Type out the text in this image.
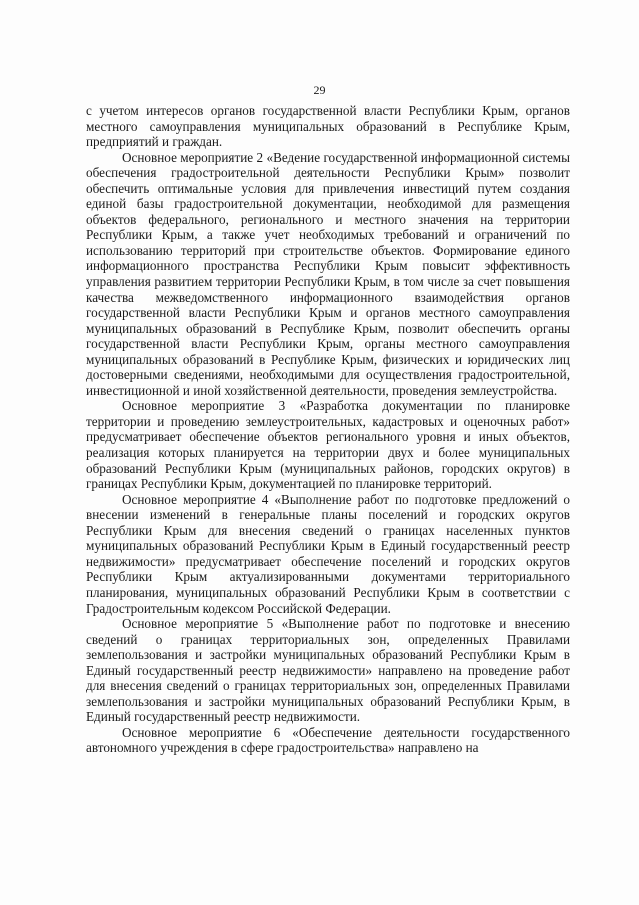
29

с учетом интересов органов государственной власти Республики Крым, органов местного самоуправления муниципальных образований в Республике Крым, предприятий и граждан.

Основное мероприятие 2 «Ведение государственной информационной системы обеспечения градостроительной деятельности Республики Крым» позволит обеспечить оптимальные условия для привлечения инвестиций путем создания единой базы градостроительной документации, необходимой для размещения объектов федерального, регионального и местного значения на территории Республики Крым, а также учет необходимых требований и ограничений по использованию территорий при строительстве объектов. Формирование единого информационного пространства Республики Крым повысит эффективность управления развитием территории Республики Крым, в том числе за счет повышения качества межведомственного информационного взаимодействия органов государственной власти Республики Крым и органов местного самоуправления муниципальных образований в Республике Крым, позволит обеспечить органы государственной власти Республики Крым, органы местного самоуправления муниципальных образований в Республике Крым, физических и юридических лиц достоверными сведениями, необходимыми для осуществления градостроительной, инвестиционной и иной хозяйственной деятельности, проведения землеустройства.

Основное мероприятие 3 «Разработка документации по планировке территории и проведению землеустроительных, кадастровых и оценочных работ» предусматривает обеспечение объектов регионального уровня и иных объектов, реализация которых планируется на территории двух и более муниципальных образований Республики Крым (муниципальных районов, городских округов) в границах Республики Крым, документацией по планировке территорий.

Основное мероприятие 4 «Выполнение работ по подготовке предложений о внесении изменений в генеральные планы поселений и городских округов Республики Крым для внесения сведений о границах населенных пунктов муниципальных образований Республики Крым в Единый государственный реестр недвижимости» предусматривает обеспечение поселений и городских округов Республики Крым актуализированными документами территориального планирования, муниципальных образований Республики Крым в соответствии с Градостроительным кодексом Российской Федерации.

Основное мероприятие 5 «Выполнение работ по подготовке и внесению сведений о границах территориальных зон, определенных Правилами землепользования и застройки муниципальных образований Республики Крым в Единый государственный реестр недвижимости» направлено на проведение работ для внесения сведений о границах территориальных зон, определенных Правилами землепользования и застройки муниципальных образований Республики Крым, в Единый государственный реестр недвижимости.

Основное мероприятие 6 «Обеспечение деятельности государственного автономного учреждения в сфере градостроительства» направлено на
